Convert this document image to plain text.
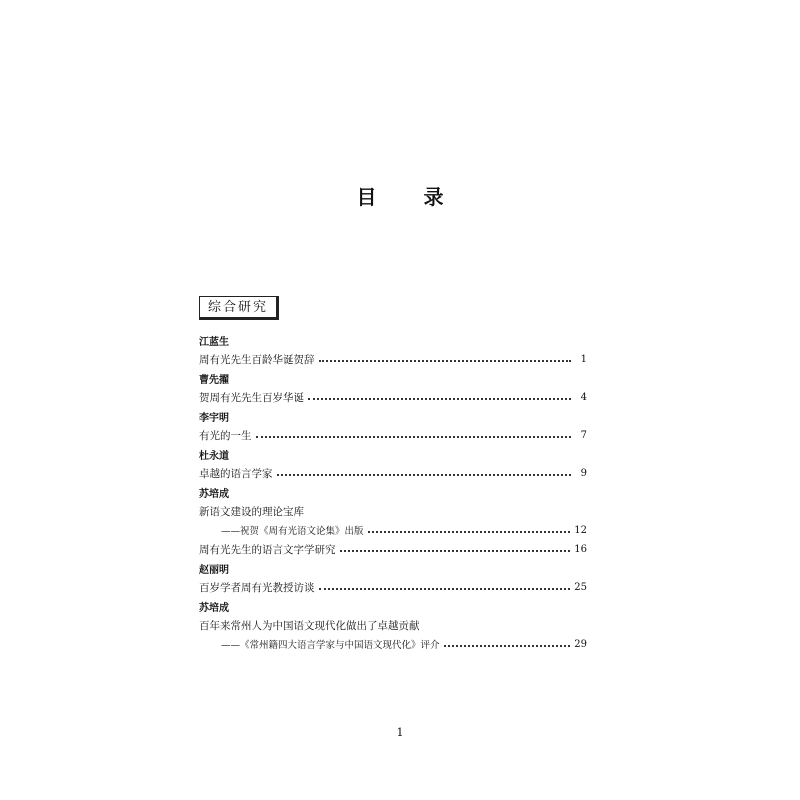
目 录
综合研究
江蓝生
周有光先生百龄华诞贺辞	1
曹先擢
贺周有光先生百岁华诞	4
李宇明
有光的一生	7
杜永道
卓越的语言学家	9
苏培成
新语文建设的理论宝库
——祝贺《周有光语文论集》出版	12
周有光先生的语言文字学研究	16
赵丽明
百岁学者周有光教授访谈	25
苏培成
百年来常州人为中国语文现代化做出了卓越贡献
——《常州籍四大语言学家与中国语文现代化》评介	29
1
